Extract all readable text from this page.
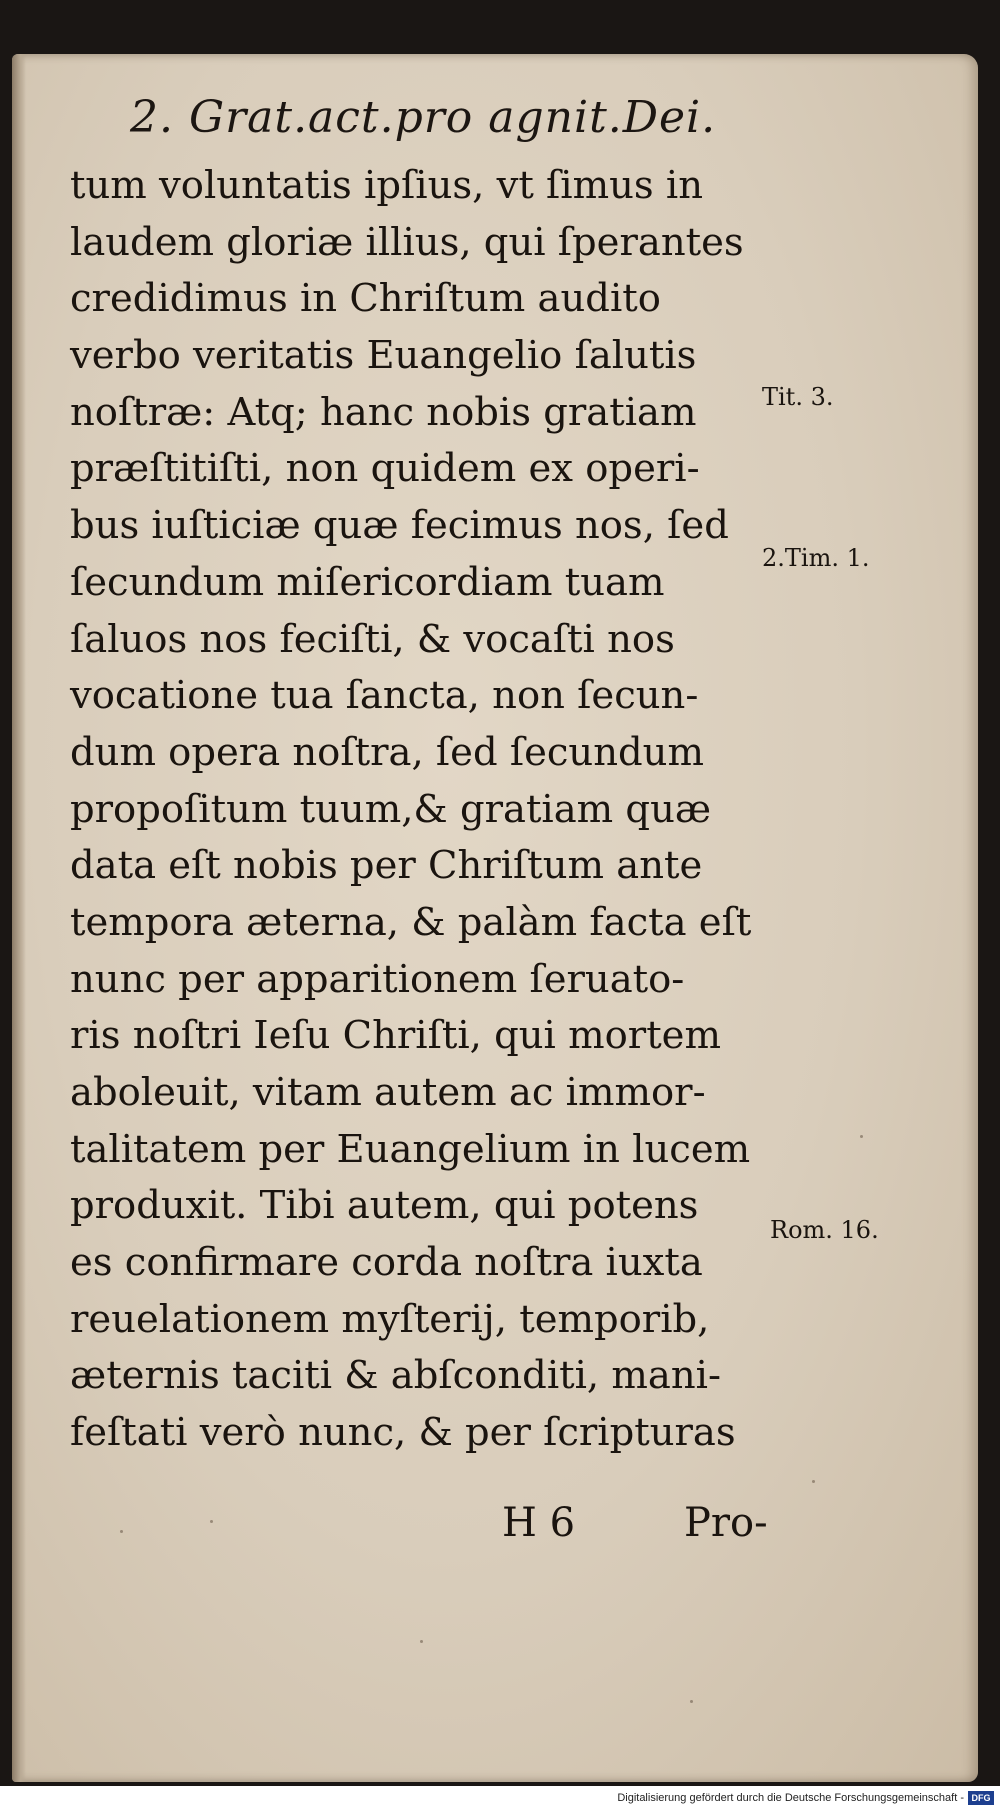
2. Grat.act.pro agnit.Dei.
tum voluntatis ipſius, vt ſimus in
laudem gloriæ illius, qui ſperantes
credidimus in Chriſtum audito
verbo veritatis Euangelio ſalutis
noſtræ: Atq; hanc nobis gratiam
præſtitiſti, non quidem ex operi-
bus iuſticiæ quæ fecimus nos, ſed
ſecundum miſericordiam tuam
ſaluos nos feciſti, & vocaſti nos
vocatione tua ſancta, non ſecun-
dum opera noſtra, ſed ſecundum
propoſitum tuum,& gratiam quæ
data eſt nobis per Chriſtum ante
tempora æterna, & palàm facta eſt
nunc per apparitionem ſeruato-
ris noſtri Ieſu Chriſti, qui mortem
aboleuit, vitam autem ac immor-
talitatem per Euangelium in lucem
produxit. Tibi autem, qui potens
es confirmare corda noſtra iuxta
reuelationem myſterij, temporib,
æternis taciti & abſconditi, mani-
feſtati verò nunc, & per ſcripturas
Tit. 3.
2.Tim. 1.
Rom. 16.
H 6	Pro-
Digitalisierung gefördert durch die Deutsche Forschungsgemeinschaft - DFG
